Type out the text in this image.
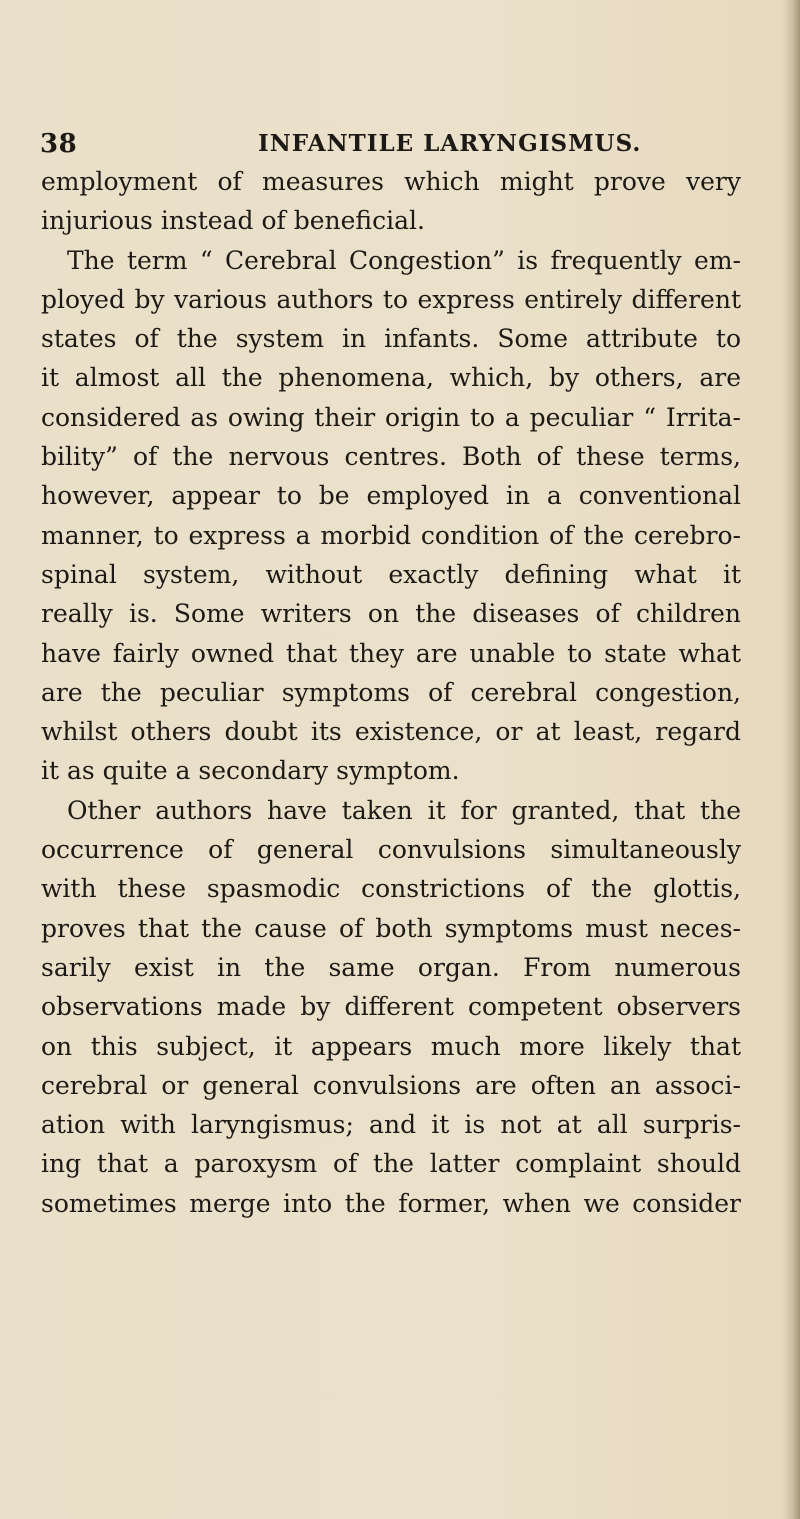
38	INFANTILE LARYNGISMUS.
employment of measures which might prove very
injurious instead of beneficial.
The term “ Cerebral Congestion” is frequently em-
ployed by various authors to express entirely different
states of the system in infants. Some attribute to
it almost all the phenomena, which, by others, are
considered as owing their origin to a peculiar “ Irrita-
bility” of the nervous centres. Both of these terms,
however, appear to be employed in a conventional
manner, to express a morbid condition of the cerebro-
spinal system, without exactly defining what it
really is. Some writers on the diseases of children
have fairly owned that they are unable to state what
are the peculiar symptoms of cerebral congestion,
whilst others doubt its existence, or at least, regard
it as quite a secondary symptom.
Other authors have taken it for granted, that the
occurrence of general convulsions simultaneously
with these spasmodic constrictions of the glottis,
proves that the cause of both symptoms must neces-
sarily exist in the same organ. From numerous
observations made by different competent observers
on this subject, it appears much more likely that
cerebral or general convulsions are often an associ-
ation with laryngismus; and it is not at all surpris-
ing that a paroxysm of the latter complaint should
sometimes merge into the former, when we consider
